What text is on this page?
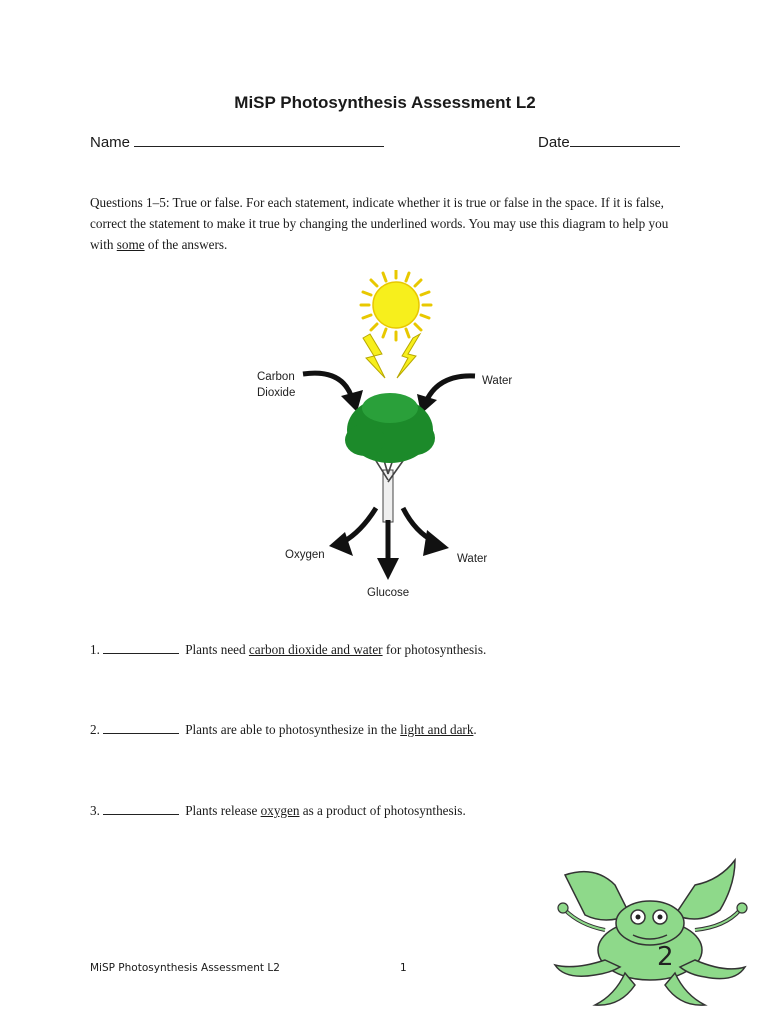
MiSP Photosynthesis Assessment L2
Name	Date
Questions 1–5: True or false. For each statement, indicate whether it is true or false in the space. If it is false, correct the statement to make it true by changing the underlined words. You may use this diagram to help you with some of the answers.
Carbon
Dioxide
Water
Oxygen	Water
Glucose
1.	Plants need carbon dioxide and water for photosynthesis.
2.	Plants are able to photosynthesize in the light and dark.
3.	Plants release oxygen as a product of photosynthesis.
MiSP Photosynthesis Assessment L2	1	2
